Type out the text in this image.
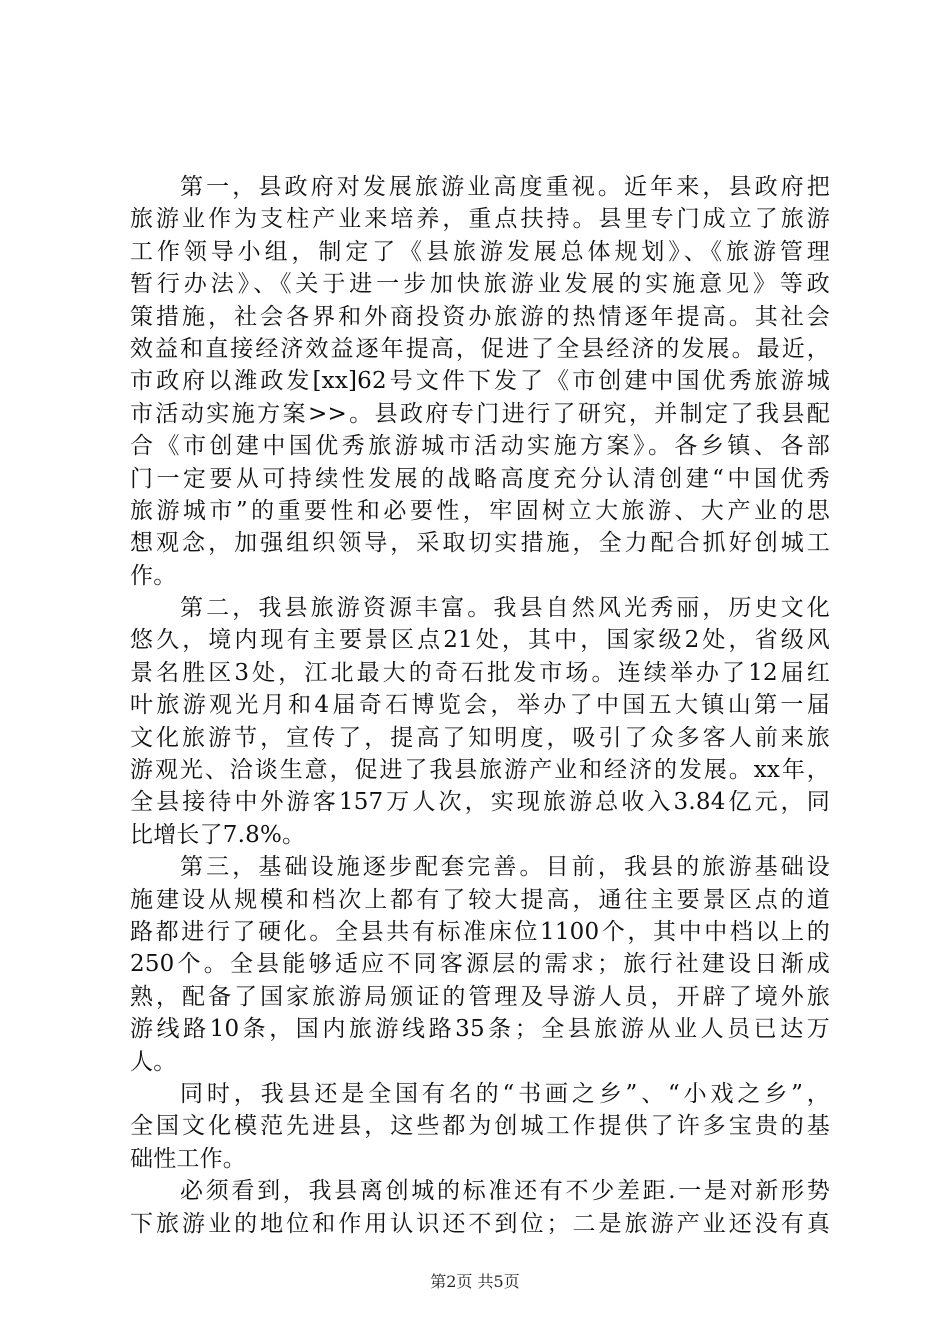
第一，县政府对发展旅游业高度重视。近年来，县政府把
旅游业作为支柱产业来培养，重点扶持。县里专门成立了旅游
工作领导小组，制定了《县旅游发展总体规划》、《旅游管理
暂行办法》、《关于进一步加快旅游业发展的实施意见》等政
策措施，社会各界和外商投资办旅游的热情逐年提高。其社会
效益和直接经济效益逐年提高，促进了全县经济的发展。最近，
市政府以潍政发[xx]62号文件下发了《市创建中国优秀旅游城
市活动实施方案>>。县政府专门进行了研究，并制定了我县配
合《市创建中国优秀旅游城市活动实施方案》。各乡镇、各部
门一定要从可持续性发展的战略高度充分认清创建“中国优秀
旅游城市”的重要性和必要性，牢固树立大旅游、大产业的思
想观念，加强组织领导，采取切实措施，全力配合抓好创城工
作。
第二，我县旅游资源丰富。我县自然风光秀丽，历史文化
悠久，境内现有主要景区点21处，其中，国家级2处，省级风
景名胜区3处，江北最大的奇石批发市场。连续举办了12届红
叶旅游观光月和4届奇石博览会，举办了中国五大镇山第一届
文化旅游节，宣传了，提高了知明度，吸引了众多客人前来旅
游观光、洽谈生意，促进了我县旅游产业和经济的发展。xx年，
全县接待中外游客157万人次，实现旅游总收入3.84亿元，同
比增长了7.8%。
第三，基础设施逐步配套完善。目前，我县的旅游基础设
施建设从规模和档次上都有了较大提高，通往主要景区点的道
路都进行了硬化。全县共有标准床位1100个，其中中档以上的
250个。全县能够适应不同客源层的需求；旅行社建设日渐成
熟，配备了国家旅游局颁证的管理及导游人员，开辟了境外旅
游线路10条，国内旅游线路35条；全县旅游从业人员已达万
人。
同时，我县还是全国有名的“书画之乡”、“小戏之乡”，
全国文化模范先进县，这些都为创城工作提供了许多宝贵的基
础性工作。
必须看到，我县离创城的标准还有不少差距.一是对新形势
下旅游业的地位和作用认识还不到位；二是旅游产业还没有真
第2页 共5页
